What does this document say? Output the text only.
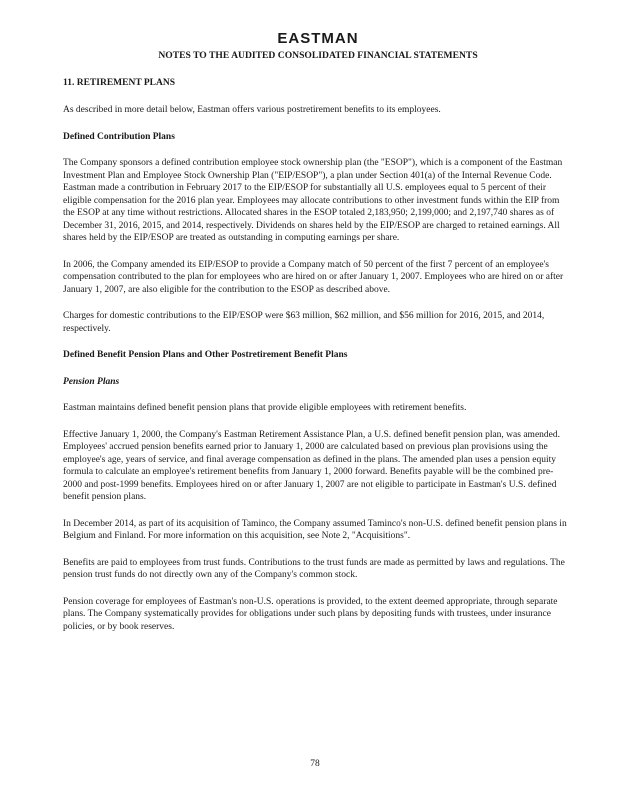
EASTMAN
NOTES TO THE AUDITED CONSOLIDATED FINANCIAL STATEMENTS
11. RETIREMENT PLANS

As described in more detail below, Eastman offers various postretirement benefits to its employees.

Defined Contribution Plans

The Company sponsors a defined contribution employee stock ownership plan (the "ESOP"), which is a component of the Eastman Investment Plan and Employee Stock Ownership Plan ("EIP/ESOP"), a plan under Section 401(a) of the Internal Revenue Code. Eastman made a contribution in February 2017 to the EIP/ESOP for substantially all U.S. employees equal to 5 percent of their eligible compensation for the 2016 plan year. Employees may allocate contributions to other investment funds within the EIP from the ESOP at any time without restrictions. Allocated shares in the ESOP totaled 2,183,950; 2,199,000; and 2,197,740 shares as of December 31, 2016, 2015, and 2014, respectively. Dividends on shares held by the EIP/ESOP are charged to retained earnings. All shares held by the EIP/ESOP are treated as outstanding in computing earnings per share.

In 2006, the Company amended its EIP/ESOP to provide a Company match of 50 percent of the first 7 percent of an employee's compensation contributed to the plan for employees who are hired on or after January 1, 2007. Employees who are hired on or after January 1, 2007, are also eligible for the contribution to the ESOP as described above.

Charges for domestic contributions to the EIP/ESOP were $63 million, $62 million, and $56 million for 2016, 2015, and 2014, respectively.

Defined Benefit Pension Plans and Other Postretirement Benefit Plans
Pension Plans

Eastman maintains defined benefit pension plans that provide eligible employees with retirement benefits.

Effective January 1, 2000, the Company's Eastman Retirement Assistance Plan, a U.S. defined benefit pension plan, was amended. Employees' accrued pension benefits earned prior to January 1, 2000 are calculated based on previous plan provisions using the employee's age, years of service, and final average compensation as defined in the plans. The amended plan uses a pension equity formula to calculate an employee's retirement benefits from January 1, 2000 forward. Benefits payable will be the combined pre-2000 and post-1999 benefits. Employees hired on or after January 1, 2007 are not eligible to participate in Eastman's U.S. defined benefit pension plans.

In December 2014, as part of its acquisition of Taminco, the Company assumed Taminco's non-U.S. defined benefit pension plans in Belgium and Finland. For more information on this acquisition, see Note 2, "Acquisitions".

Benefits are paid to employees from trust funds. Contributions to the trust funds are made as permitted by laws and regulations. The pension trust funds do not directly own any of the Company's common stock.

Pension coverage for employees of Eastman's non-U.S. operations is provided, to the extent deemed appropriate, through separate plans. The Company systematically provides for obligations under such plans by depositing funds with trustees, under insurance policies, or by book reserves.

78
